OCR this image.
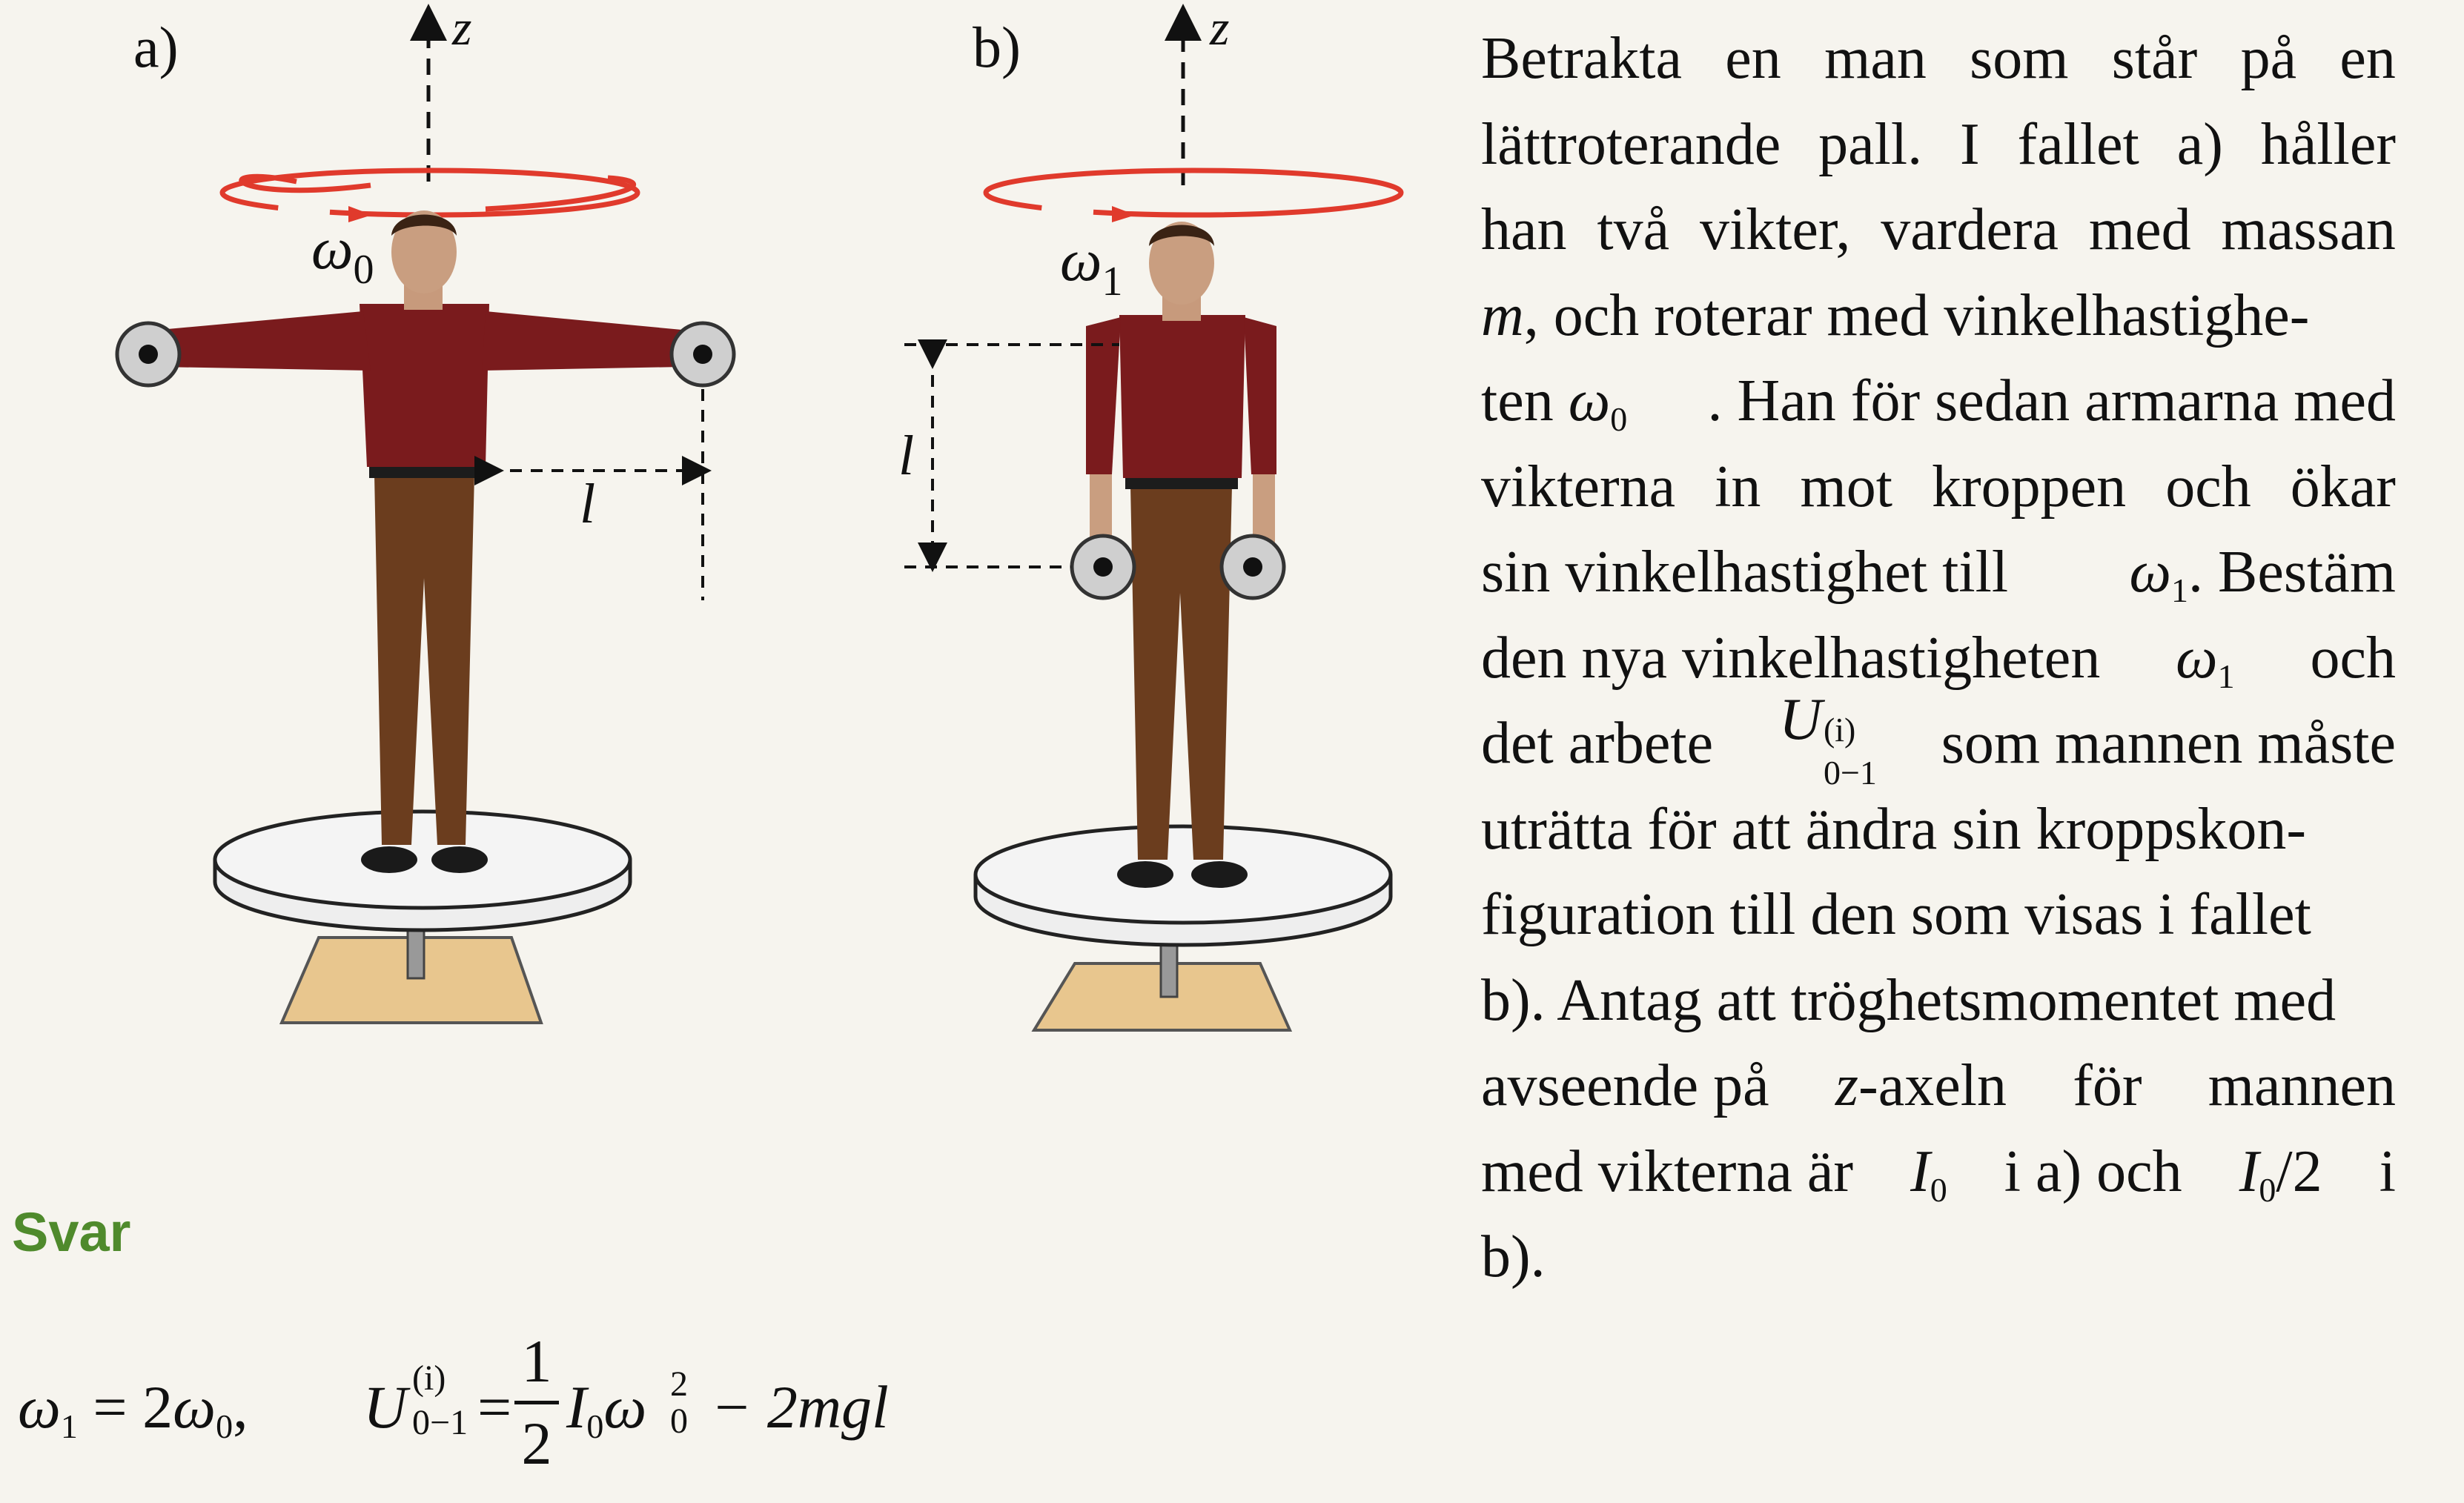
a)	z
$\omega_0$
l
b)	z
$\omega_1$
l
Betrakta en man som står på en
lättroterande pall. I fallet a) håller
han två vikter, vardera med massan
m, och roterar med vinkelhastighe-
ten $\omega_0$ . Han för sedan armarna med
vikterna in mot kroppen och ökar
sin vinkelhastighet till $\omega_1$. Bestäm
den nya vinkelhastigheten $\omega_1$ och
det arbete U (i)
0−1 som mannen måste
uträtta för att ändra sin kroppskon-
figuration till den som visas i fallet
b). Antag att tröghetsmomentet med
avseende på z-axeln för mannen
med vikterna är $I_0$ i a) och $I_0/2$ i
b).
Svar
$\omega_1 = 2\omega_0$, U (i)
0−1 =
1
2
$I_0\omega$ 2
0 − 2mgl
